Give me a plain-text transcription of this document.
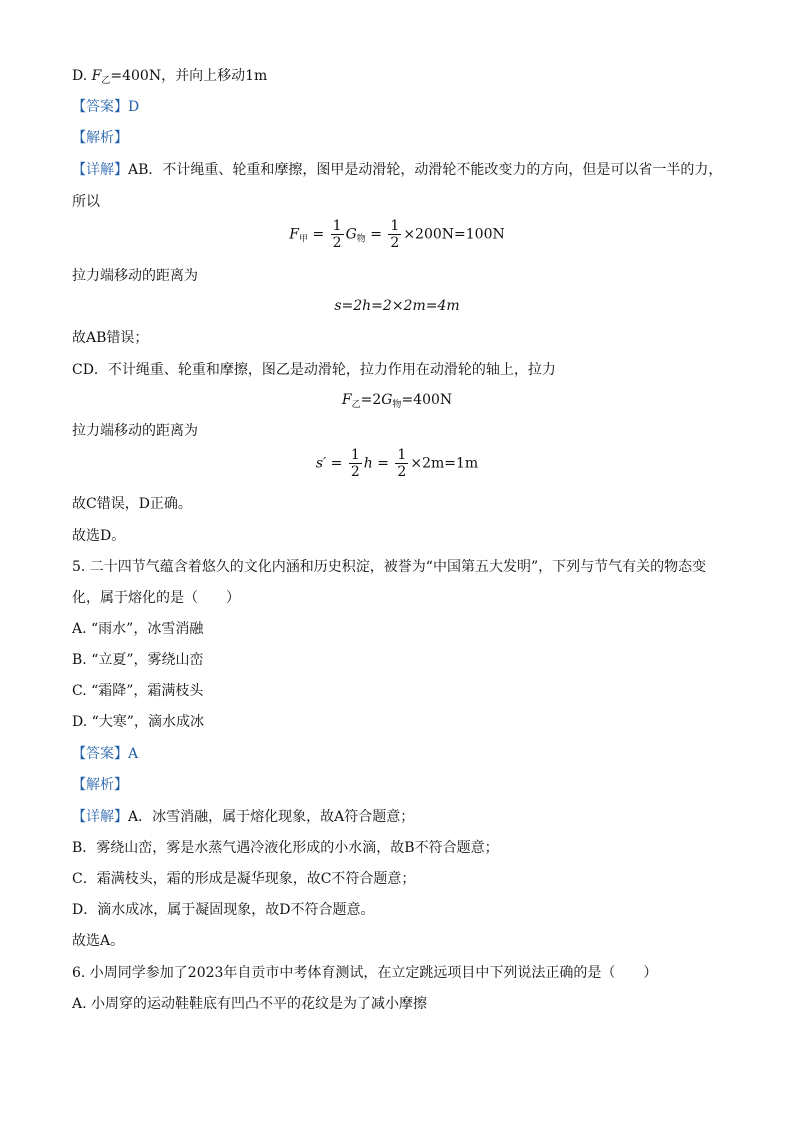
D. $F_乙=400N$，并向上移动1m
【答案】D
【解析】
【详解】AB．不计绳重、轮重和摩擦，图甲是动滑轮，动滑轮不能改变力的方向，但是可以省一半的力，
所以
$F_甲 = \frac{1}{2} G_物 = \frac{1}{2} \times 200N=100N$
拉力端移动的距离为
s=2h=2×2m=4m
故AB错误；
CD．不计绳重、轮重和摩擦，图乙是动滑轮，拉力作用在动滑轮的轴上，拉力
$F_乙=2G_物=400N$
拉力端移动的距离为
$s' = \frac{1}{2}$ $h = \frac{1}{2} \times 2m=1m$
故C错误，D正确。
故选D。
5. 二十四节气蕴含着悠久的文化内涵和历史积淀，被誉为“中国第五大发明”，下列与节气有关的物态变
化，属于熔化的是（　　）
A. “雨水”，冰雪消融
B. “立夏”，雾绕山峦
C. “霜降”，霜满枝头
D. “大寒”，滴水成冰
【答案】A
【解析】
【详解】A．冰雪消融，属于熔化现象，故A符合题意；
B．雾绕山峦，雾是水蒸气遇冷液化形成的小水滴，故B不符合题意；
C．霜满枝头，霜的形成是凝华现象，故C不符合题意；
D．滴水成冰，属于凝固现象，故D不符合题意。
故选A。
6. 小周同学参加了2023年自贡市中考体育测试，在立定跳远项目中下列说法正确的是（　　）
A. 小周穿的运动鞋鞋底有凹凸不平的花纹是为了减小摩擦
